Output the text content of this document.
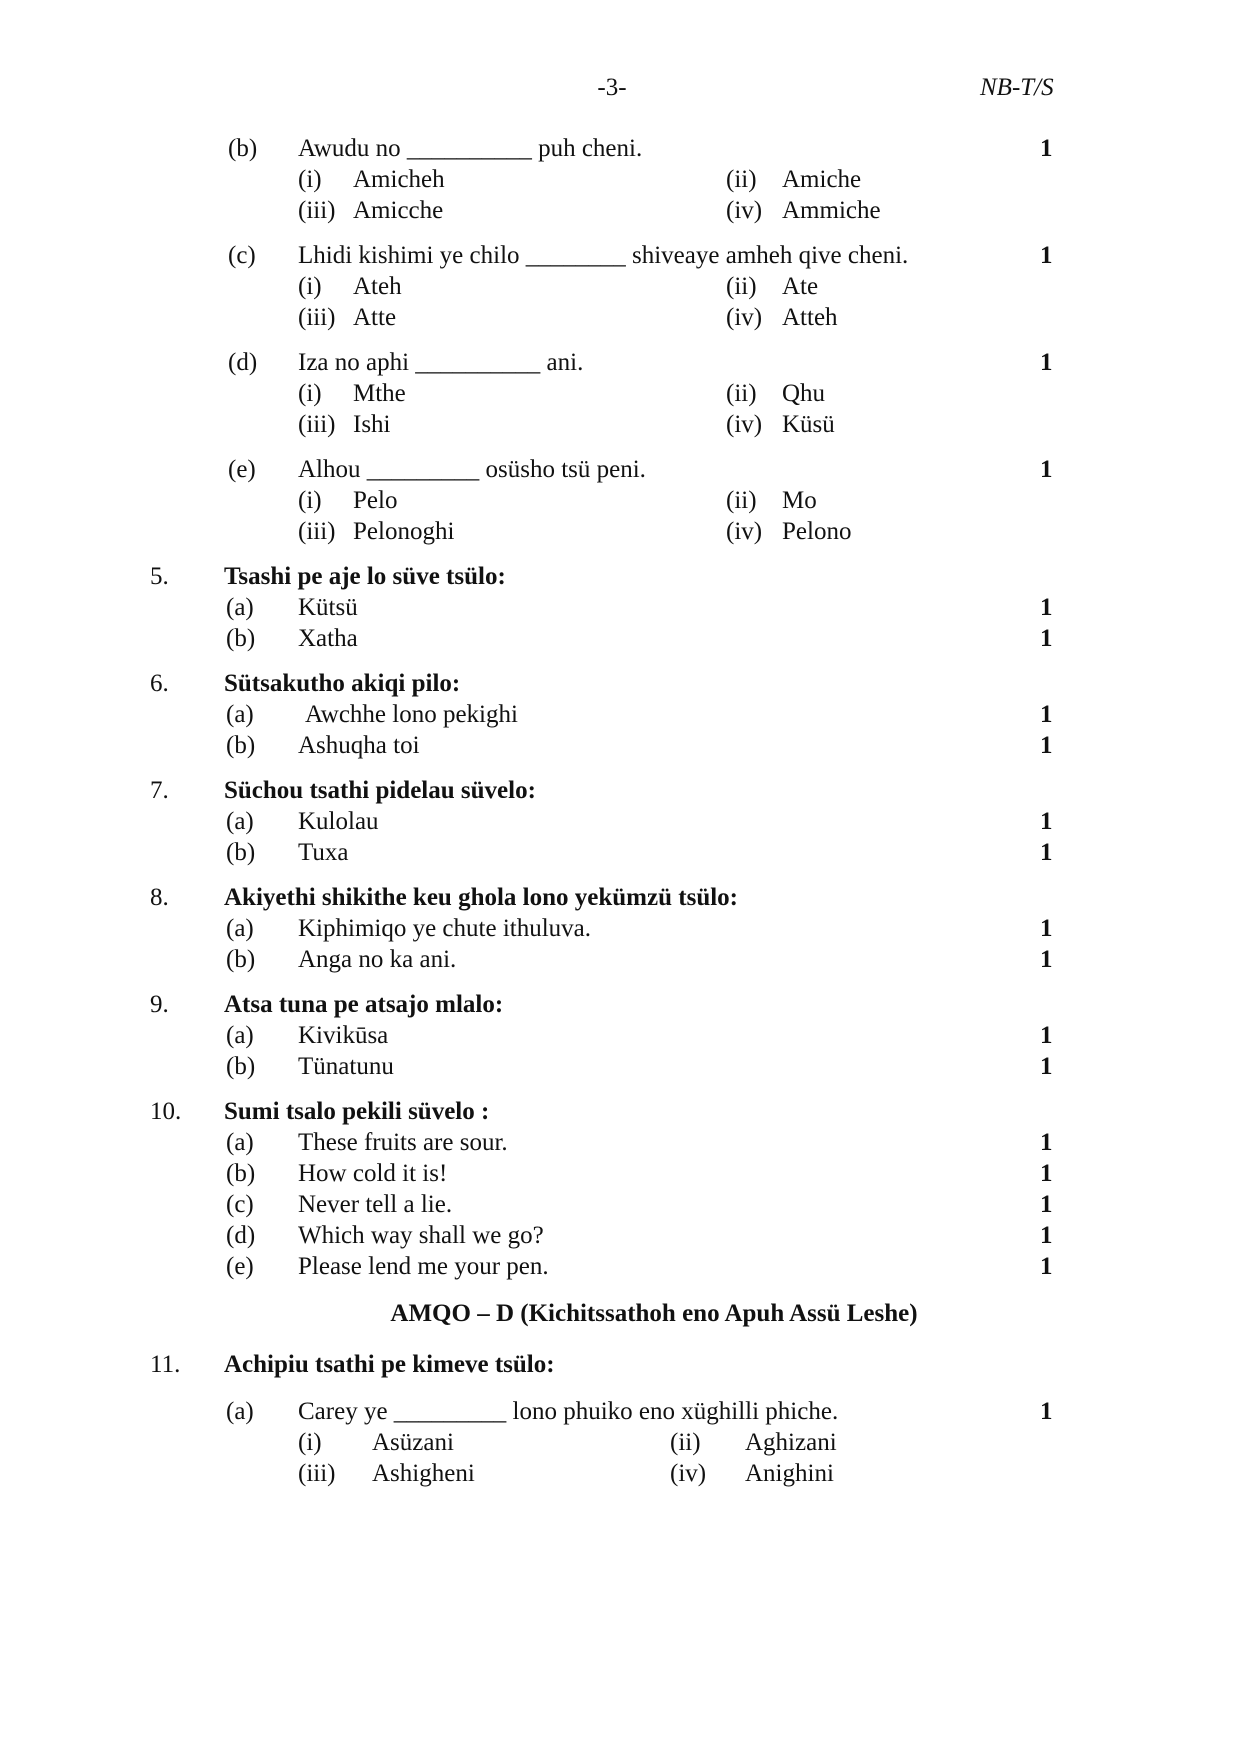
-3-	NB-T/S
(b) Awudu no __________ puh cheni.	1
(i) Amicheh	(ii) Amiche
(iii) Amicche	(iv) Ammiche
(c) Lhidi kishimi ye chilo ________ shiveaye amheh qive cheni.	1
(i) Ateh	(ii) Ate
(iii) Atte	(iv) Atteh
(d) Iza no aphi __________ ani.	1
(i) Mthe	(ii) Qhu
(iii) Ishi	(iv) Küsü
(e) Alhou _________ osüsho tsü peni.	1
(i) Pelo	(ii) Mo
(iii) Pelonoghi	(iv) Pelono
5. Tsashi pe aje lo süve tsülo:
(a) Kütsü	1
(b) Xatha	1
6. Sütsakutho akiqi pilo:
(a) Awchhe lono pekighi	1
(b) Ashuqha toi	1
7. Süchou tsathi pidelau süvelo:
(a) Kulolau	1
(b) Tuxa	1
8. Akiyethi shikithe keu ghola lono yekümzü tsülo:
(a) Kiphimiqo ye chute ithuluva.	1
(b) Anga no ka ani.	1
9. Atsa tuna pe atsajo mlalo:
(a) Kivikūsa	1
(b) Tünatunu	1
10. Sumi tsalo pekili süvelo :
(a) These fruits are sour.	1
(b) How cold it is!	1
(c) Never tell a lie.	1
(d) Which way shall we go?	1
(e) Please lend me your pen.	1
AMQO – D (Kichitssathoh eno Apuh Assü Leshe)
11. Achipiu tsathi pe kimeve tsülo:
(a) Carey ye _________ lono phuiko eno xüghilli phiche.	1
(i) Asüzani	(ii) Aghizani
(iii) Ashigheni	(iv) Anighini
